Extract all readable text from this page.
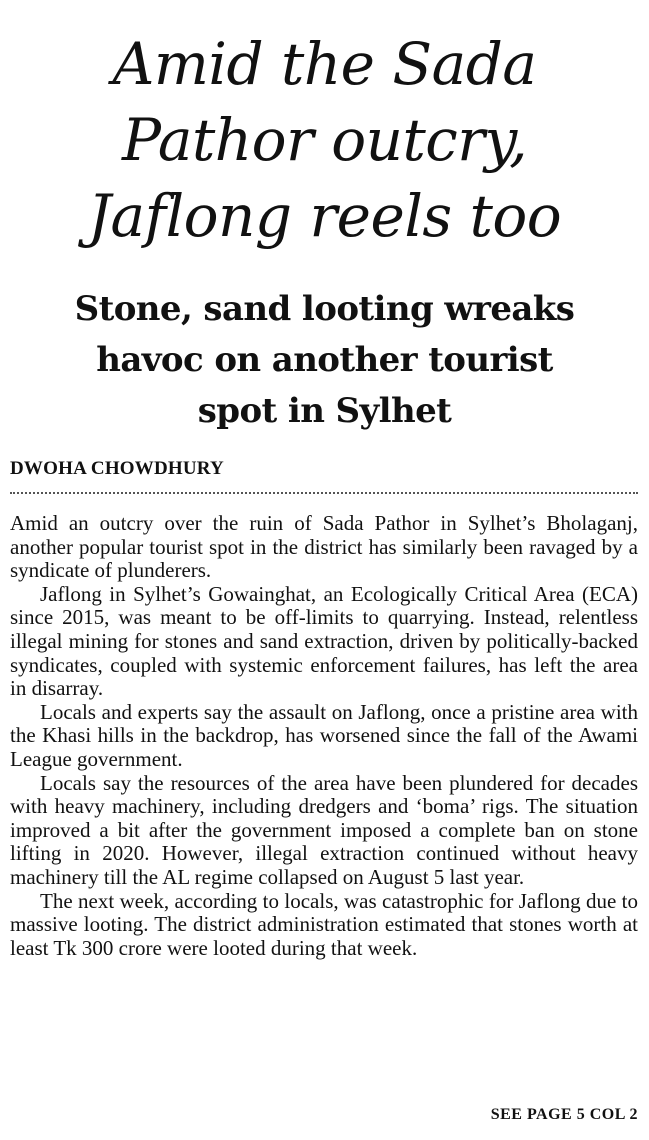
Amid the Sada
Pathor outcry,
Jaflong reels too
Stone, sand looting wreaks
havoc on another tourist
spot in Sylhet

DWOHA CHOWDHURY

Amid an outcry over the ruin of Sada Pathor in Sylhet’s Bholaganj, another popular tourist spot in the district has similarly been ravaged by a syndicate of plunderers.

Jaflong in Sylhet’s Gowainghat, an Ecologically Critical Area (ECA) since 2015, was meant to be off-limits to quarrying. Instead, relentless illegal mining for stones and sand extraction, driven by politically-backed syndicates, coupled with systemic enforcement failures, has left the area in disarray.

Locals and experts say the assault on Jaflong, once a pristine area with the Khasi hills in the backdrop, has worsened since the fall of the Awami League government.

Locals say the resources of the area have been plundered for decades with heavy machinery, including dredgers and ‘boma’ rigs. The situation improved a bit after the government imposed a complete ban on stone lifting in 2020. However, illegal extraction continued without heavy machinery till the AL regime collapsed on August 5 last year.

The next week, according to locals, was catastrophic for Jaflong due to massive looting. The district administration estimated that stones worth at least Tk 300 crore were looted during that week.

SEE PAGE 5 COL 2
